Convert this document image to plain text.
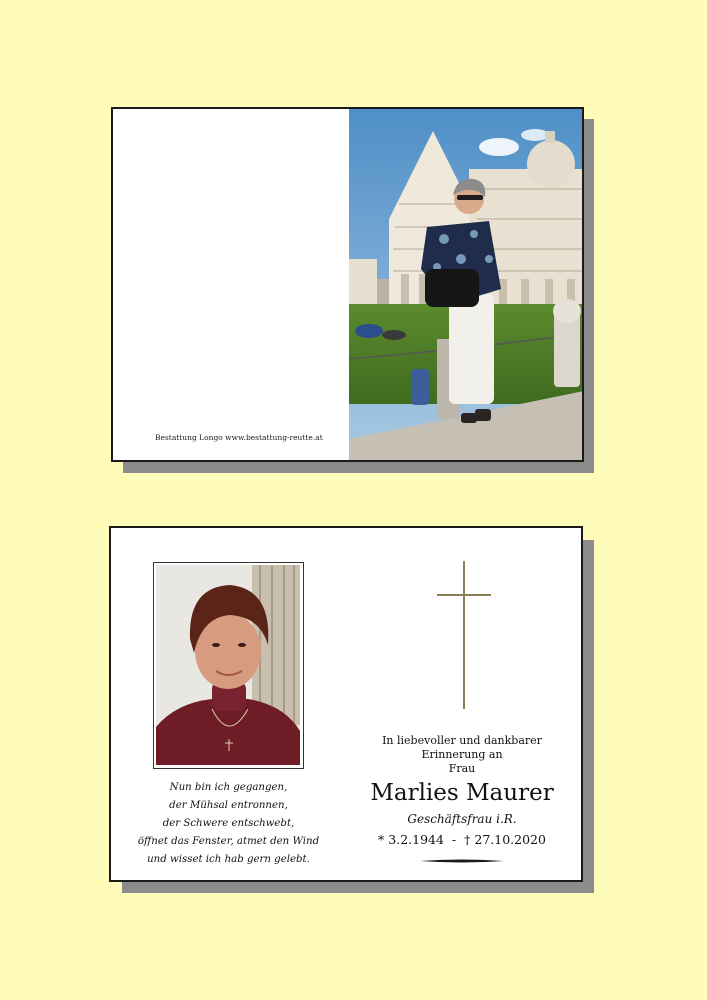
Bestattung Longo www.bestattung-reutte.at
Nun bin ich gegangen,
der Mühsal entronnen,
der Schwere entschwebt,
öffnet das Fenster, atmet den Wind
und wisset ich hab gern gelebt.
In liebevoller und dankbarer
Erinnerung an
Frau
Marlies Maurer
Geschäftsfrau i.R.
* 3.2.1944 - † 27.10.2020
